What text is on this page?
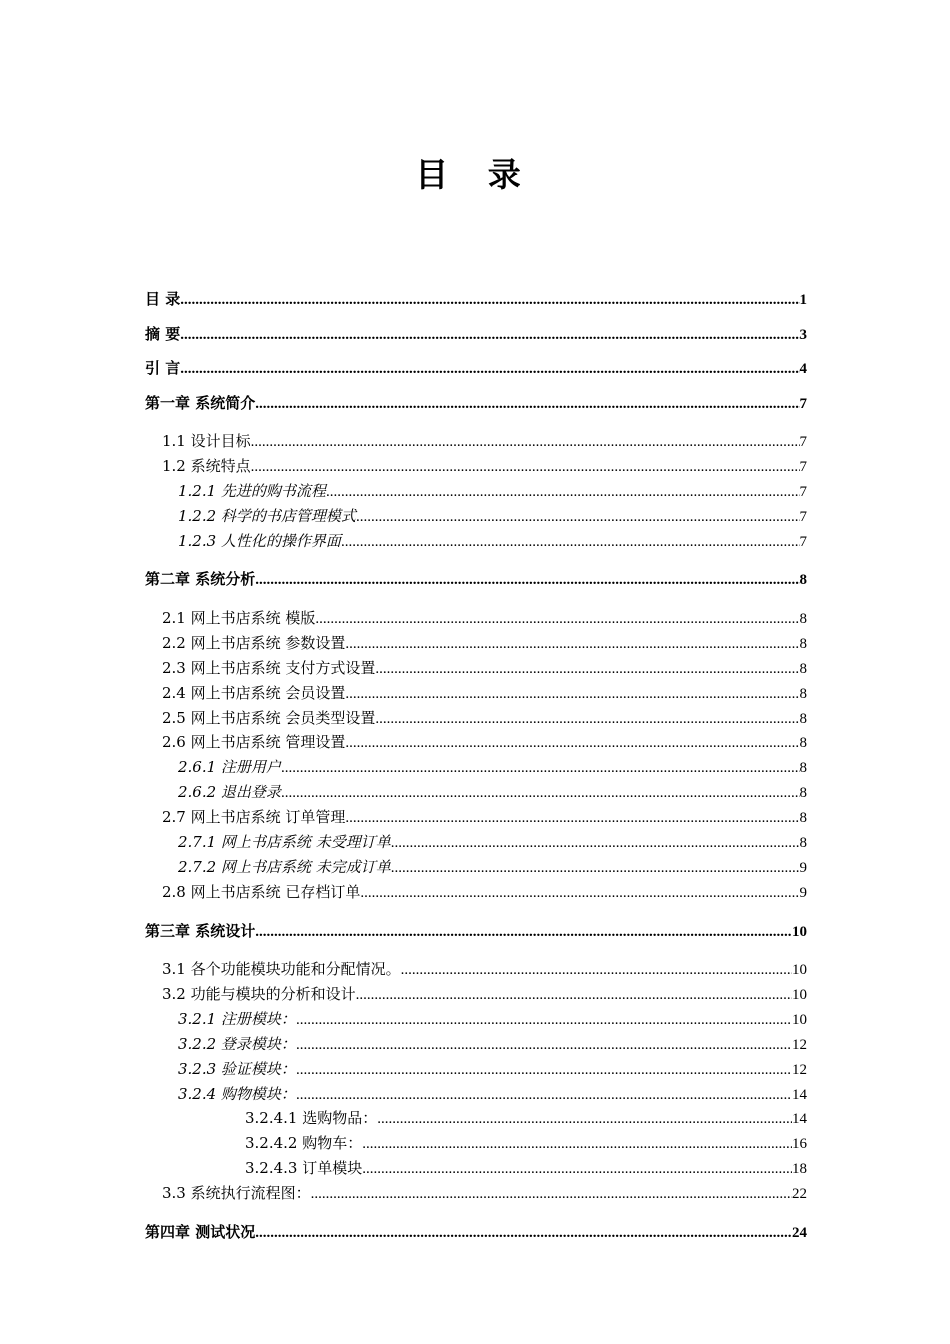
目 录
目 录 .....	1
摘 要 .....	3
引 言 .....	4
第一章 系统简介 .....	7
1.1 设计目标 .....	7
1.2 系统特点 .....	7
1.2.1 先进的购书流程 .....	7
1.2.2 科学的书店管理模式 .....	7
1.2.3 人性化的操作界面 .....	7
第二章 系统分析 .....	8
2.1 网上书店系统 模版 .....	8
2.2 网上书店系统 参数设置 .....	8
2.3 网上书店系统 支付方式设置 .....	8
2.4 网上书店系统 会员设置 .....	8
2.5 网上书店系统 会员类型设置 .....	8
2.6 网上书店系统 管理设置 .....	8
2.6.1 注册用户 .....	8
2.6.2 退出登录 .....	8
2.7 网上书店系统 订单管理 .....	8
2.7.1 网上书店系统 未受理订单 .....	8
2.7.2 网上书店系统 未完成订单 .....	9
2.8 网上书店系统 已存档订单 .....	9
第三章 系统设计 .....	10
3.1 各个功能模块功能和分配情况。 .....	10
3.2 功能与模块的分析和设计 .....	10
3.2.1 注册模块： .....	10
3.2.2 登录模块： .....	12
3.2.3 验证模块： .....	12
3.2.4 购物模块： .....	14
3.2.4.1 选购物品： .....	14
3.2.4.2 购物车： .....	16
3.2.4.3 订单模块 .....	18
3.3 系统执行流程图： .....	22
第四章 测试状况 .....	24
